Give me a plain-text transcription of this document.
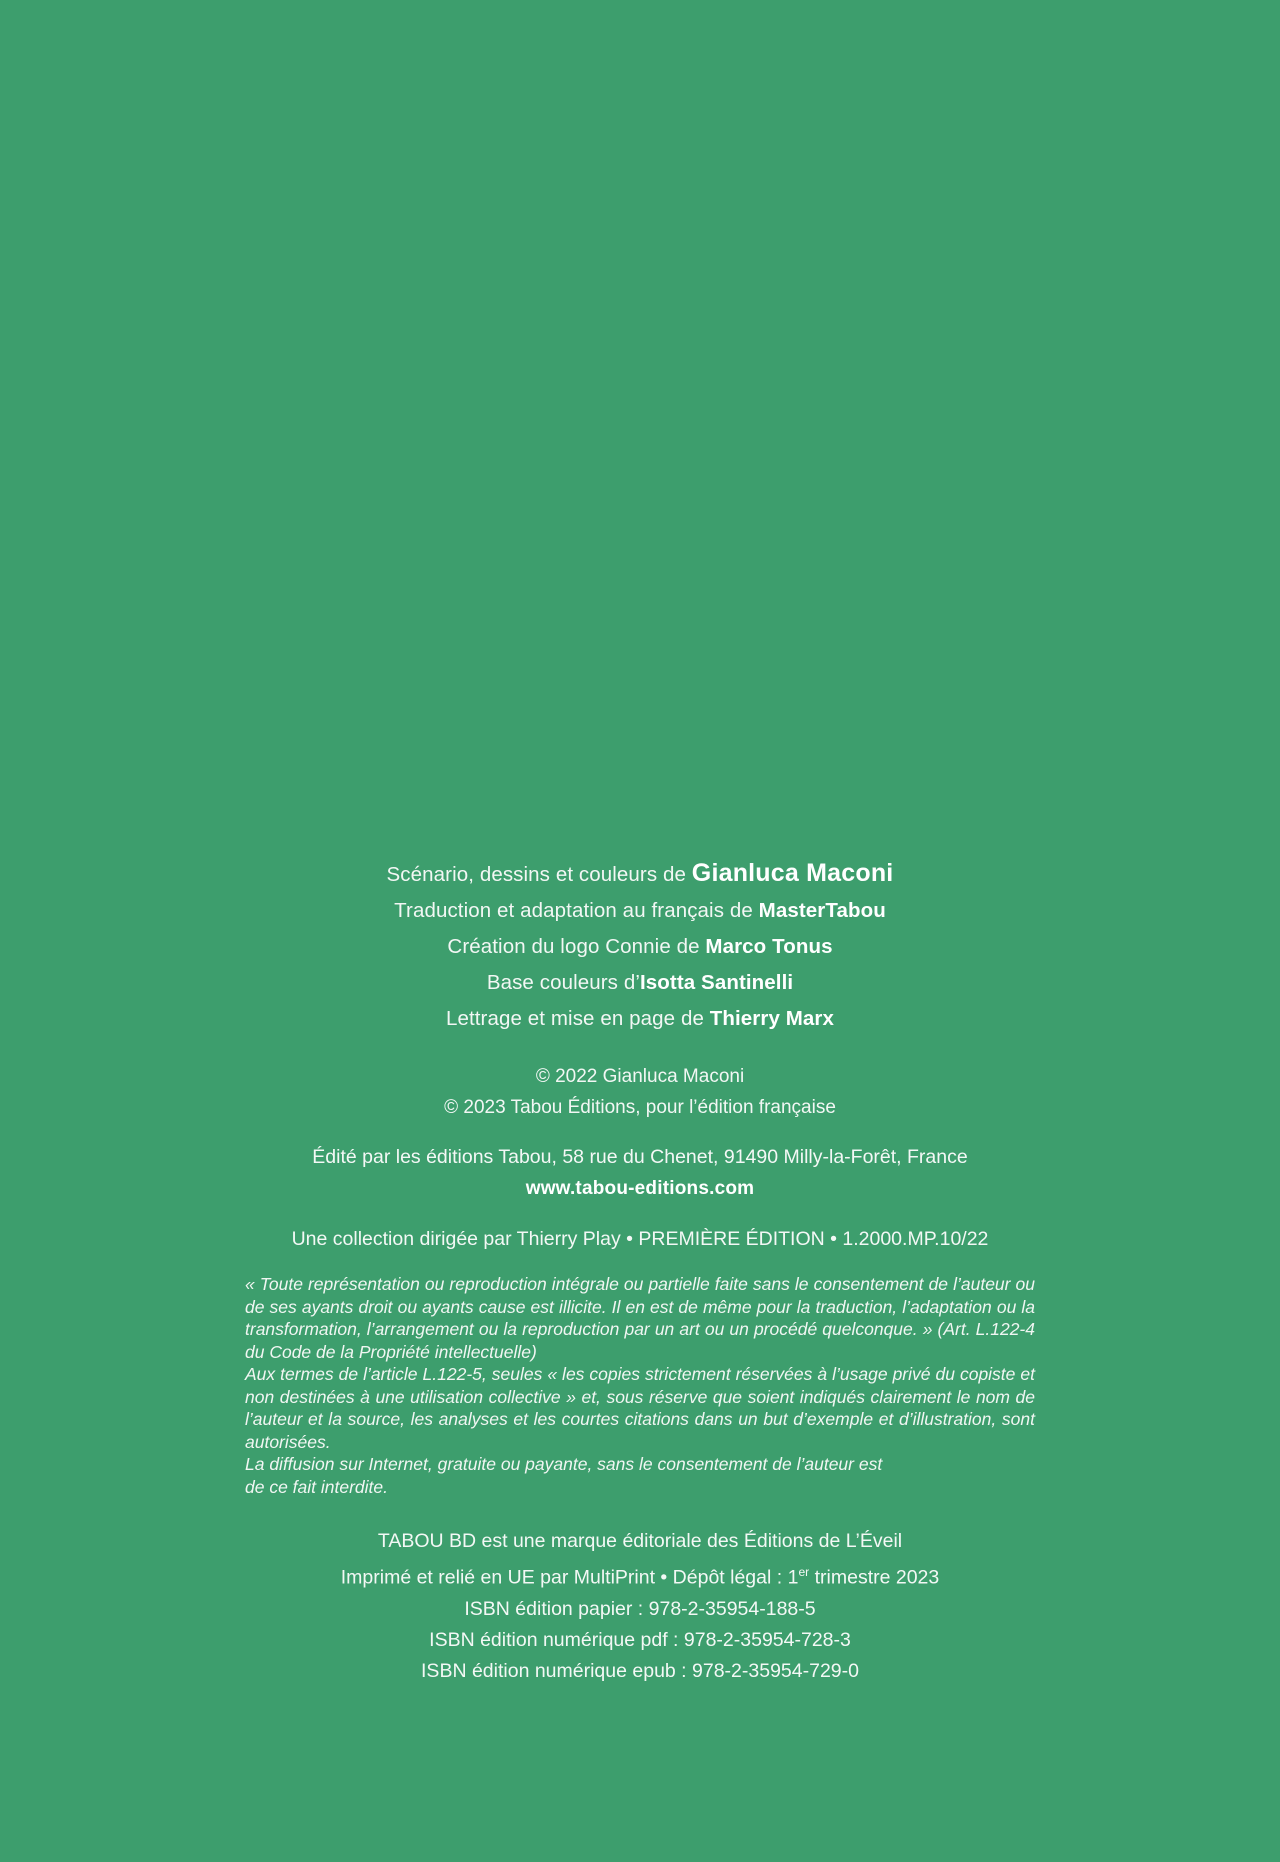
Scénario, dessins et couleurs de Gianluca Maconi
Traduction et adaptation au français de MasterTabou
Création du logo Connie de Marco Tonus
Base couleurs d’Isotta Santinelli
Lettrage et mise en page de Thierry Marx
© 2022 Gianluca Maconi
© 2023 Tabou Éditions, pour l’édition française
Édité par les éditions Tabou, 58 rue du Chenet, 91490 Milly-la-Forêt, France
www.tabou-editions.com
Une collection dirigée par Thierry Play • PREMIÈRE ÉDITION • 1.2000.MP.10/22

« Toute représentation ou reproduction intégrale ou partielle faite sans le consentement de l’auteur ou de ses ayants droit ou ayants cause est illicite. Il en est de même pour la traduction, l’adaptation ou la transformation, l’arrangement ou la reproduction par un art ou un procédé quelconque. » (Art. L.122-4 du Code de la Propriété intellectuelle)

Aux termes de l’article L.122-5, seules « les copies strictement réservées à l’usage privé du copiste et non destinées à une utilisation collective » et, sous réserve que soient indiqués clairement le nom de l’auteur et la source, les analyses et les courtes citations dans un but d’exemple et d’illustration, sont autorisées.

La diffusion sur Internet, gratuite ou payante, sans le consentement de l’auteur est

de ce fait interdite.

TABOU BD est une marque éditoriale des Éditions de L’Éveil
Imprimé et relié en UE par MultiPrint • Dépôt légal : 1er trimestre 2023
ISBN édition papier : 978-2-35954-188-5
ISBN édition numérique pdf : 978-2-35954-728-3
ISBN édition numérique epub : 978-2-35954-729-0
